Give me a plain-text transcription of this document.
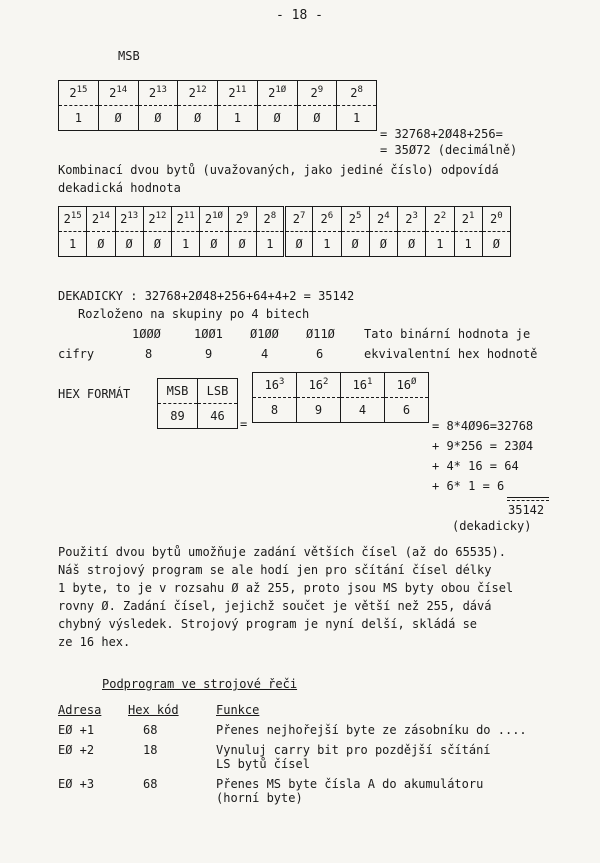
- 18 -
MSB
$2^{15}$	$2^{14}$	$2^{13}$	$2^{12}$	$2^{11}$	$2^{1Ø}$	$2^9$	$2^8$
1	Ø	Ø	Ø	1	Ø	Ø	1
= 32768+2Ø48+256=
= 35Ø72 (decimálně)
Kombinací dvou bytů (uvažovaných, jako jediné číslo) odpovídá
dekadická hodnota
$2^{15}$	$2^{14}$	$2^{13}$	$2^{12}$	$2^{11}$	$2^{1Ø}$	$2^9$	$2^8$	$2^7$	$2^6$	$2^5$	$2^4$	$2^3$	$2^2$	$2^1$	$2^0$
1	Ø	Ø	Ø	1	Ø	Ø	1	Ø	1	Ø	Ø	Ø	1	1	Ø
DEKADICKY : 32768+2Ø48+256+64+4+2 = 35142
Rozloženo na skupiny po 4 bitech
1ØØØ	1ØØ1 Ø1ØØ Ø11Ø Tato binární hodnota je
cifry	8	9	4	6	ekvivalentní hex hodnotě
HEX FORMÁT	MSB	LSB
89	46
=
$16^3$	$16^2$	$16^1$	$16^Ø$
8	9	4	6
= 8*4Ø96=32768
+ 9*256 = 23Ø4
+ 4* 16 = 64
+ 6* 1 = 6
35142
(dekadicky)
Použití dvou bytů umožňuje zadání větších čísel (až do 65535).
Náš strojový program se ale hodí jen pro sčítání čísel délky
1 byte, to je v rozsahu Ø až 255, proto jsou MS byty obou čísel
rovny Ø. Zadání čísel, jejichž součet je větší než 255, dává
chybný výsledek. Strojový program je nyní delší, skládá se
ze 16 hex.
Podprogram ve strojové řeči
Adresa Hex kód	Funkce
EØ +1	68	Přenes nejhořejší byte ze zásobníku do ....
EØ +2	18	Vynuluj carry bit pro pozdější sčítání
LS bytů čísel
EØ +3	68	Přenes MS byte čísla A do akumulátoru
(horní byte)
